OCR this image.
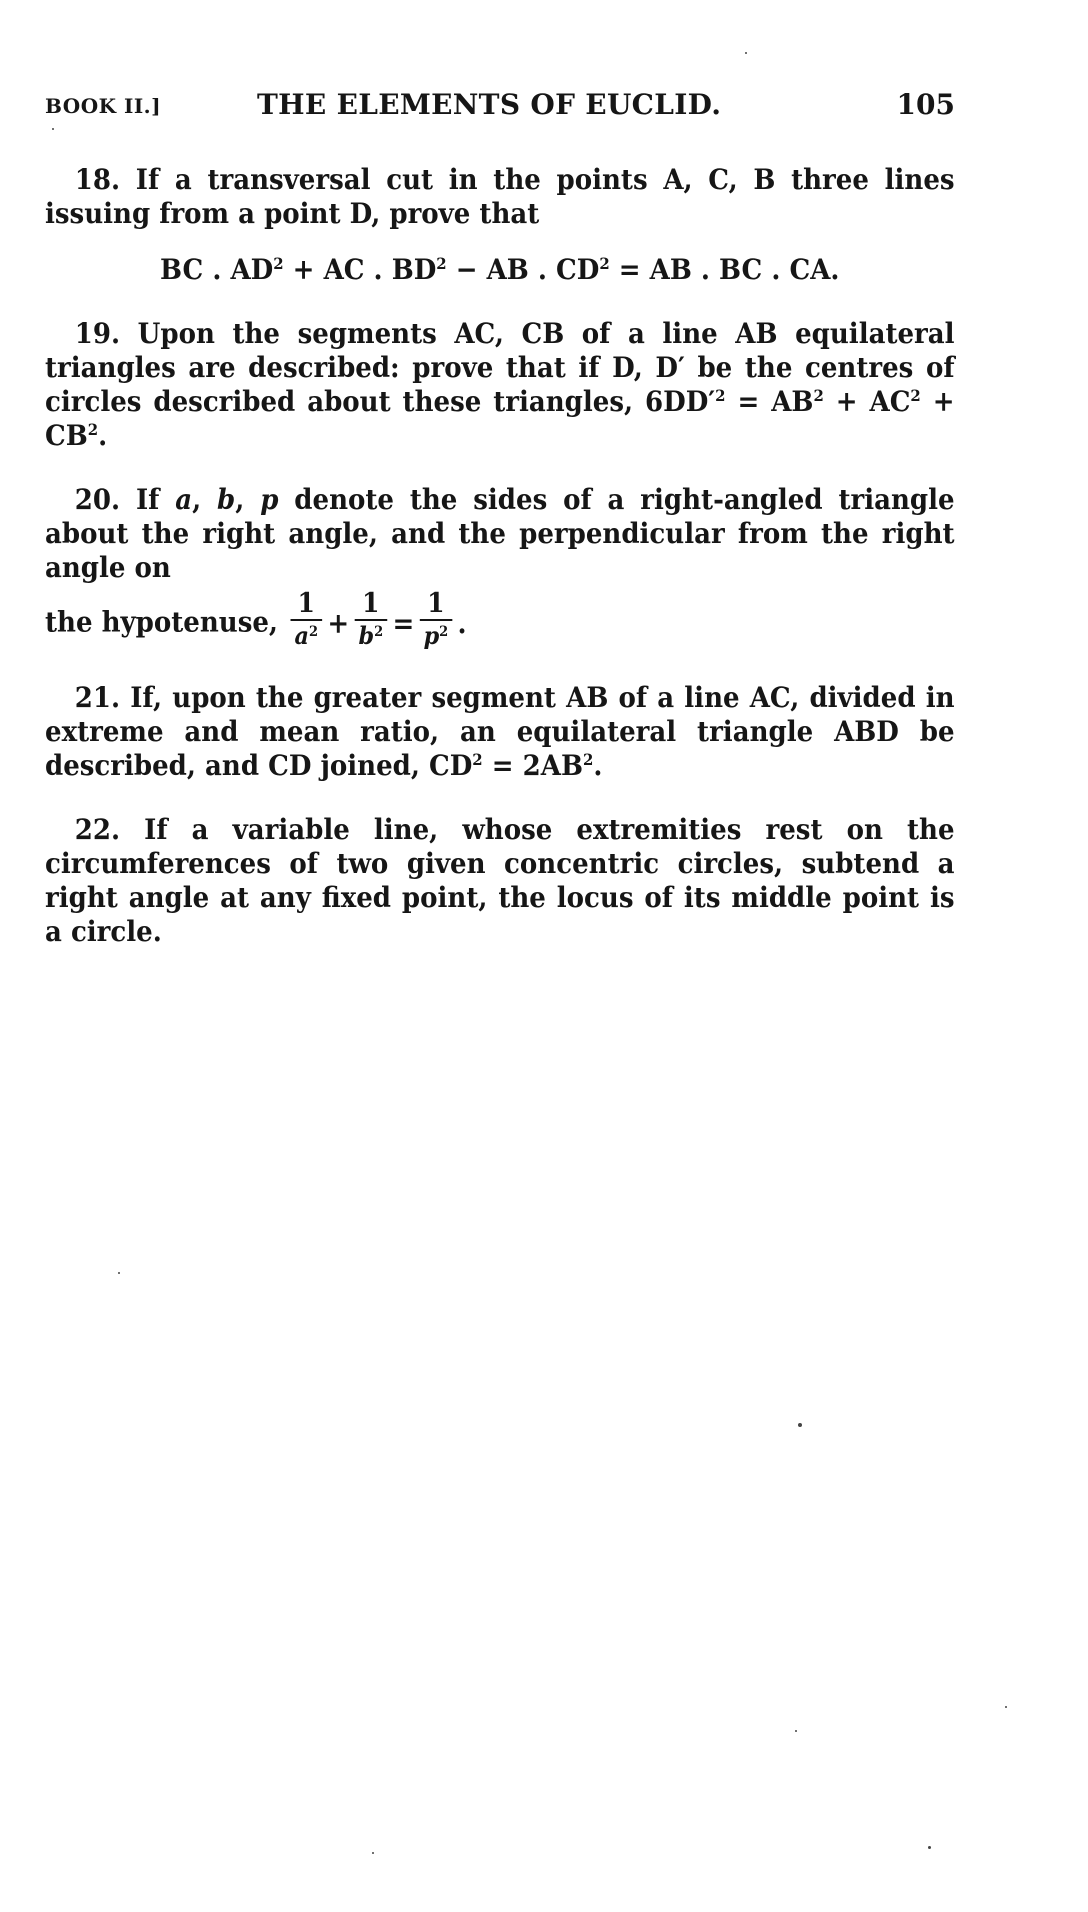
BOOK II.]	THE ELEMENTS OF EUCLID.	105

18. If a transversal cut in the points A, C, B three lines issuing from a point D, prove that

BC . $AD^2$ + AC . $BD^2$ − AB . $CD^2$ = AB . BC . CA.

19. Upon the segments AC, CB of a line AB equilateral triangles are described: prove that if D, D′ be the centres of circles described about these triangles, $6DD'^2 = AB^2 + AC^2 + CB^2$.

20. If a, b, p denote the sides of a right-angled triangle about the right angle, and the perpendicular from the right angle on

the hypotenuse, $\frac{1}{a^2} + \frac{1}{b^2} = \frac{1}{p^2}$ .

21. If, upon the greater segment AB of a line AC, divided in extreme and mean ratio, an equilateral triangle ABD be described, and CD joined, $CD^2 = 2AB^2$.

22. If a variable line, whose extremities rest on the circumferences of two given concentric circles, subtend a right angle at any fixed point, the locus of its middle point is a circle.
